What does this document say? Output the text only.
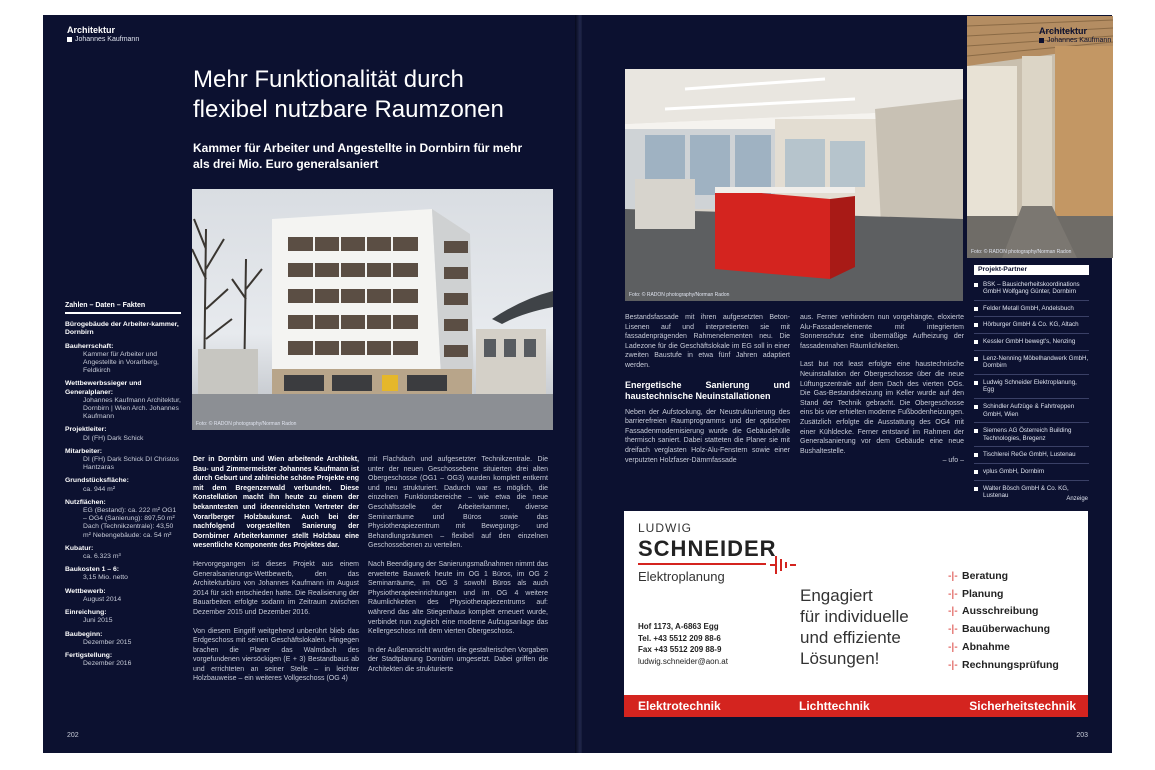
Architektur
Johannes Kaufmann
Mehr Funktionalität durch
flexibel nutzbare Raumzonen
Kammer für Arbeiter und Angestellte in Dornbirn für mehr als drei Mio. Euro generalsaniert
Foto: © RADON photography/Norman Radon
Zahlen – Daten – Fakten
Bürogebäude der Arbeiter-kammer, Dornbirn
Bauherrschaft:
Kammer für Arbeiter und Angestellte in Vorarlberg, Feldkirch
Wettbewerbssieger und Generalplaner:
Johannes Kaufmann Architektur, Dornbirn | Wien Arch. Johannes Kaufmann
Projektleiter:
DI (FH) Dark Schick
Mitarbeiter:
DI (FH) Dark Schick DI Christos Hantzaras
Grundstücksfläche:
ca. 944 m²
Nutzflächen:
EG (Bestand): ca. 222 m² OG1 – OG4 (Sanierung): 897,50 m² Dach (Technikzentrale): 43,50 m² Nebengebäude: ca. 54 m²
Kubatur:
ca. 6.323 m³
Baukosten 1 – 6:
3,15 Mio. netto
Wettbewerb:
August 2014
Einreichung:
Juni 2015
Baubeginn:
Dezember 2015
Fertigstellung:
Dezember 2016

Der in Dornbirn und Wien arbeitende Architekt, Bau- und Zimmermeister Johannes Kaufmann ist durch Geburt und zahlreiche schöne Projekte eng mit dem Bregenzerwald verbunden. Diese Konstellation macht ihn heute zu einem der bekanntesten und ideenreichsten Vertreter der Vorarlberger Holzbaukunst. Auch bei der nachfolgend vorgestellten Sanierung der Dornbirner Arbeiterkammer stellt Holzbau eine wesentliche Komponente des Projektes dar.

Hervorgegangen ist dieses Projekt aus einem Generalsanierungs-Wettbewerb, den das Architekturbüro von Johannes Kaufmann im August 2014 für sich entschieden hatte. Die Realisierung der Bauarbeiten erfolgte sodann im Zeitraum zwischen Dezember 2015 und Dezember 2016.

Von diesem Eingriff weitgehend unberührt blieb das Erdgeschoss mit seinen Geschäftslokalen. Hingegen brachen die Planer das Walmdach des vorgefundenen viersöckigen (E + 3) Bestandbaus ab und errichteten an seiner Stelle – in leichter Holzbauweise – ein weiteres Vollgeschoss (OG 4)

mit Flachdach und aufgesetzter Technikzentrale. Die unter der neuen Geschossebene situierten drei alten Obergeschosse (OG1 – OG3) wurden komplett entkernt und neu strukturiert. Dadurch war es möglich, die einzelnen Funktionsbereiche – wie etwa die neue Geschäftsstelle der Arbeiterkammer, diverse Seminarräume und Büros sowie das Physiotherapiezentrum mit Bewegungs- und Behandlungsräumen – flexibel auf den einzelnen Geschossebenen zu verteilen.

Nach Beendigung der Sanierungsmaßnahmen nimmt das erweiterte Bauwerk heute im OG 1 Büros, im OG 2 Seminarräume, im OG 3 sowohl Büros als auch Physiotherapieeinrichtungen und im OG 4 weitere Räumlichkeiten des Physiotherapiezentrums auf: während das alte Stiegenhaus komplett erneuert wurde, verbindet nun zugleich eine moderne Aufzugsanlage das Kellergeschoss mit dem vierten Obergeschoss.

In der Außenansicht wurden die gestalterischen Vorgaben der Stadtplanung Dornbirn umgesetzt. Dabei griffen die Architekten die strukturierte

202
Foto: © RADON photography/Norman Radon
Architektur
Johannes Kaufmann
Foto: © RADON photography/Norman Radon

Bestandsfassade mit ihren aufgesetzten Beton-Lisenen auf und interpretierten sie mit fassadenprägenden Rahmenelementen neu. Die Ladezone für die Geschäftslokale im EG soll in einer zweiten Baustufe in etwa fünf Jahren adaptiert werden.

Energetische Sanierung und haustechnische Neuinstallationen

Neben der Aufstockung, der Neustrukturierung des barrierefreien Raumprogramms und der optischen Fassadenmodernisierung wurde die Gebäudehülle thermisch saniert. Dabei statteten die Planer sie mit dreifach verglasten Holz-Alu-Fenstern sowie einer verputzten Holzfaser-Dämmfassade

aus. Ferner verhindern nun vorgehängte, eloxierte Alu-Fassadenelemente mit integriertem Sonnenschutz eine übermäßige Aufheizung der fassadennahen Räumlichkeiten.

Last but not least erfolgte eine haustechnische Neuinstallation der Obergeschosse über die neue Lüftungszentrale auf dem Dach des vierten OGs. Die Gas-Bestandsheizung im Keller wurde auf den Stand der Technik gebracht. Die Obergeschosse eins bis vier erhielten moderne Fußbodenheizungen. Zusätzlich erfolgte die Ausstattung des OG4 mit einer Kühldecke. Ferner entstand im Rahmen der Generalsanierung vor dem Gebäude eine neue Bushaltestelle.

– ufo –
Projekt-Partner
BSK – Bausicherheitskoordinations GmbH Wolfgang Günter, Dornbirn
Felder Metall GmbH, Andelsbuch
Hörburger GmbH & Co. KG, Altach
Kessler GmbH bewegt's, Nenzing
Lenz-Nenning Möbelhandwerk GmbH, Dornbirn
Ludwig Schneider Elektroplanung, Egg
Schindler Aufzüge & Fahrtreppen GmbH, Wien
Siemens AG Österreich Building Technologies, Bregenz
Tischlerei ReGe GmbH, Lustenau
vplus GmbH, Dornbirn
Walter Bösch GmbH & Co. KG, Lustenau	Anzeige
LUDWIG
SCHNEIDER
Elektroplanung
Hof 1173, A-6863 Egg
Tel. +43 5512 209 88-6
Fax +43 5512 209 88-9
ludwig.schneider@aon.at
Engagiert
für individuelle
und effiziente
Lösungen!
-|- Beratung
-|- Planung
-|- Ausschreibung
-|- Bauüberwachung
-|- Abnahme
-|- Rechnungsprüfung
Elektrotechnik	Lichttechnik	Sicherheitstechnik
203
